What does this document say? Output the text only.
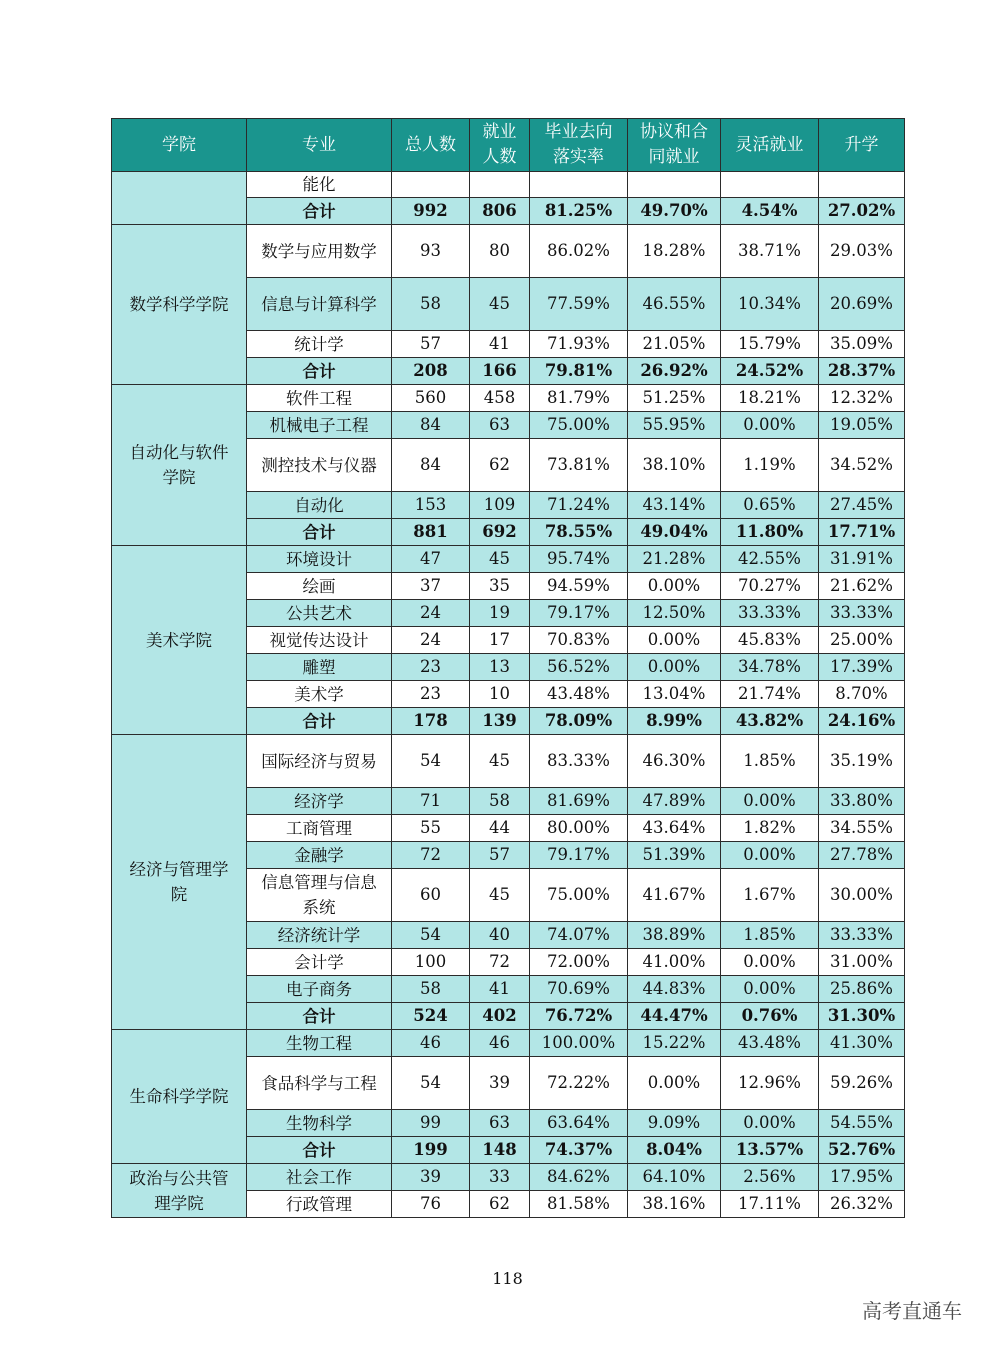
学院	专业	总人数	就业人数	毕业去向落实率	协议和合同就业	灵活就业	升学
	能化						
	合计	992	806	81.25%	49.70%	4.54%	27.02%
数学科学学院	数学与应用数学	93	80	86.02%	18.28%	38.71%	29.03%
	信息与计算科学	58	45	77.59%	46.55%	10.34%	20.69%
	统计学	57	41	71.93%	21.05%	15.79%	35.09%
	合计	208	166	79.81%	26.92%	24.52%	28.37%
自动化与软件学院	软件工程	560	458	81.79%	51.25%	18.21%	12.32%
	机械电子工程	84	63	75.00%	55.95%	0.00%	19.05%
	测控技术与仪器	84	62	73.81%	38.10%	1.19%	34.52%
	自动化	153	109	71.24%	43.14%	0.65%	27.45%
	合计	881	692	78.55%	49.04%	11.80%	17.71%
美术学院	环境设计	47	45	95.74%	21.28%	42.55%	31.91%
	绘画	37	35	94.59%	0.00%	70.27%	21.62%
	公共艺术	24	19	79.17%	12.50%	33.33%	33.33%
	视觉传达设计	24	17	70.83%	0.00%	45.83%	25.00%
	雕塑	23	13	56.52%	0.00%	34.78%	17.39%
	美术学	23	10	43.48%	13.04%	21.74%	8.70%
	合计	178	139	78.09%	8.99%	43.82%	24.16%
经济与管理学院	国际经济与贸易	54	45	83.33%	46.30%	1.85%	35.19%
	经济学	71	58	81.69%	47.89%	0.00%	33.80%
	工商管理	55	44	80.00%	43.64%	1.82%	34.55%
	金融学	72	57	79.17%	51.39%	0.00%	27.78%
	信息管理与信息系统	60	45	75.00%	41.67%	1.67%	30.00%
	经济统计学	54	40	74.07%	38.89%	1.85%	33.33%
	会计学	100	72	72.00%	41.00%	0.00%	31.00%
	电子商务	58	41	70.69%	44.83%	0.00%	25.86%
	合计	524	402	76.72%	44.47%	0.76%	31.30%
生命科学学院	生物工程	46	46	100.00%	15.22%	43.48%	41.30%
	食品科学与工程	54	39	72.22%	0.00%	12.96%	59.26%
	生物科学	99	63	63.64%	9.09%	0.00%	54.55%
	合计	199	148	74.37%	8.04%	13.57%	52.76%
政治与公共管理学院	社会工作	39	33	84.62%	64.10%	2.56%	17.95%
	行政管理	76	62	81.58%	38.16%	17.11%	26.32%
118
高考直通车
